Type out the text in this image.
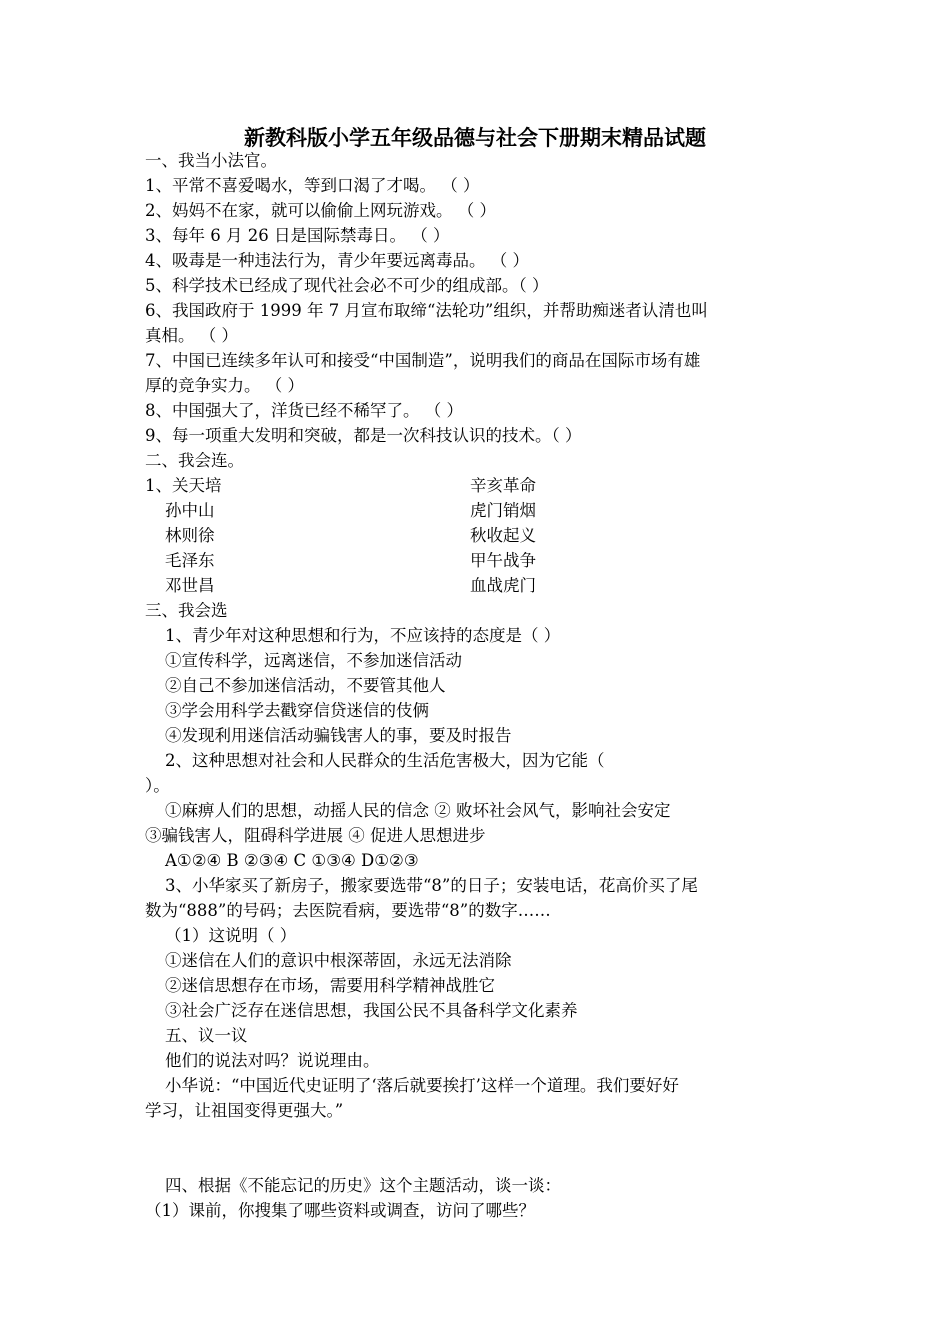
新教科版小学五年级品德与社会下册期末精品试题
一、我当小法官。
1、平常不喜爱喝水，等到口渴了才喝。 （ ）
2、妈妈不在家，就可以偷偷上网玩游戏。 （ ）
3、每年 6 月 26 日是国际禁毒日。 （ ）
4、吸毒是一种违法行为，青少年要远离毒品。 （ ）
5、科学技术已经成了现代社会必不可少的组成部。（ ）
6、我国政府于 1999 年 7 月宣布取缔“法轮功”组织，并帮助痴迷者认清也叫
真相。 （ ）
7、中国已连续多年认可和接受“中国制造”，说明我们的商品在国际市场有雄
厚的竞争实力。 （ ）
8、中国强大了，洋货已经不稀罕了。 （ ）
9、每一项重大发明和突破，都是一次科技认识的技术。（ ）
二、我会连。
1、关天培	辛亥革命
孙中山	虎门销烟
林则徐	秋收起义
毛泽东	甲午战争
邓世昌	血战虎门
三、我会选
1、青少年对这种思想和行为，不应该持的态度是（ ）
①宣传科学，远离迷信，不参加迷信活动
②自己不参加迷信活动，不要管其他人
③学会用科学去戳穿信贷迷信的伎俩
④发现利用迷信活动骗钱害人的事，要及时报告
2、这种思想对社会和人民群众的生活危害极大，因为它能（
）。
①麻痹人们的思想，动摇人民的信念 ② 败坏社会风气，影响社会安定
③骗钱害人，阻碍科学进展 ④ 促进人思想进步
A①②④ B ②③④ C ①③④ D①②③
3、小华家买了新房子，搬家要选带“8”的日子；安装电话，花高价买了尾
数为“888”的号码；去医院看病，要选带“8”的数字……
（1）这说明（ ）
①迷信在人们的意识中根深蒂固，永远无法消除
②迷信思想存在市场，需要用科学精神战胜它
③社会广泛存在迷信思想，我国公民不具备科学文化素养
五、议一议
他们的说法对吗？说说理由。
小华说：“中国近代史证明了‘落后就要挨打’这样一个道理。我们要好好
学习，让祖国变得更强大。”
四、根据《不能忘记的历史》这个主题活动，谈一谈：
（1）课前，你搜集了哪些资料或调查，访问了哪些？
